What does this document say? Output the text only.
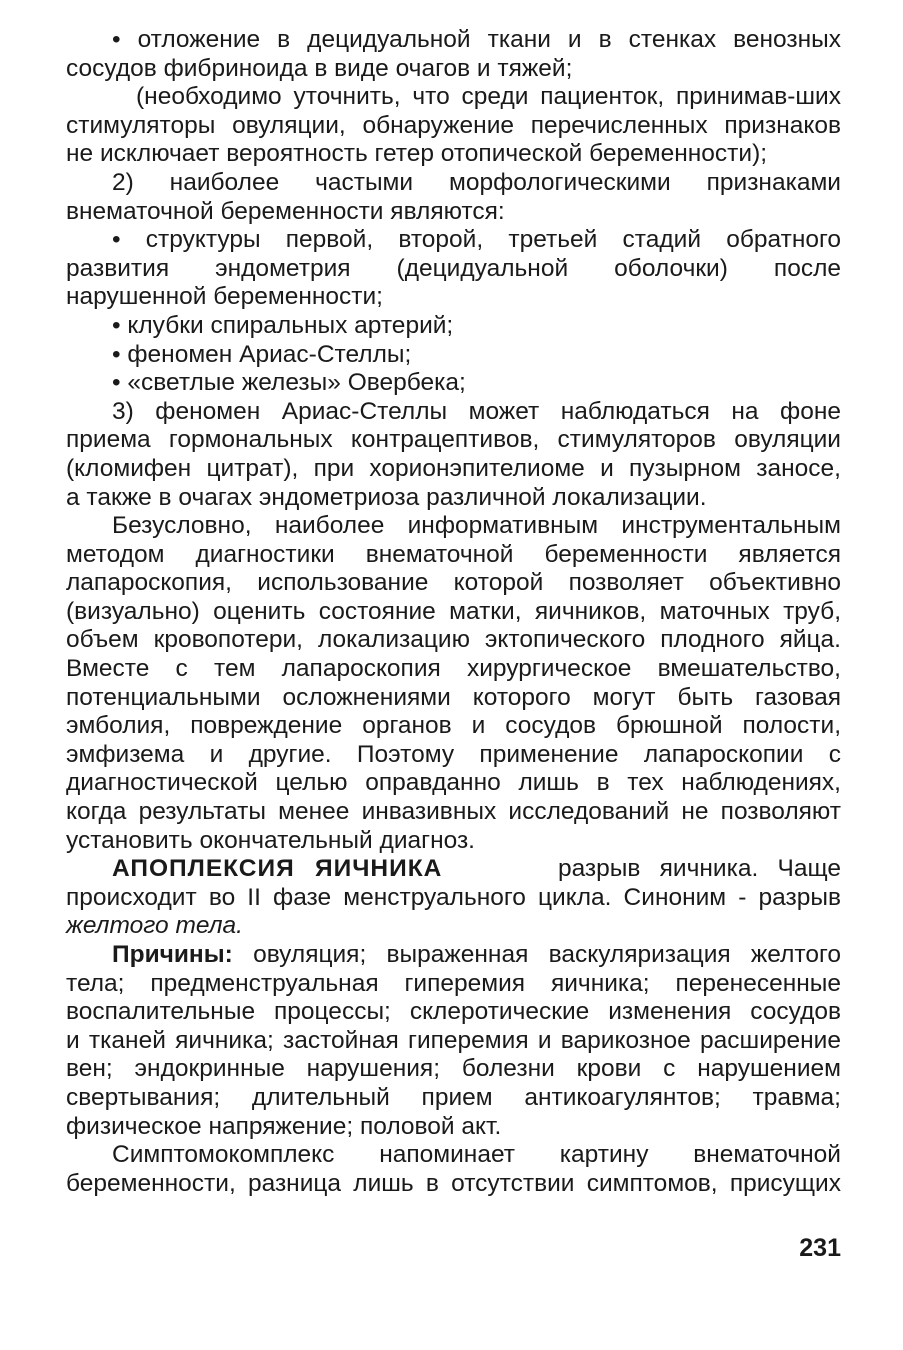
• отложение в децидуальной ткани и в стенках венозных
сосудов фибриноида в виде очагов и тяжей;
(необходимо уточнить, что среди пациенток, принимав-ших
стимуляторы овуляции, обнаружение перечисленных признаков
не исключает вероятность гетер отопической беременности);
2) наиболее частыми морфологическими признаками
внематочной беременности являются:
• структуры первой, второй, третьей стадий обратного
развития эндометрия (децидуальной оболочки) после
нарушенной беременности;
• клубки спиральных артерий;
• феномен Ариас-Стеллы;
• «светлые железы» Овербека;
3) феномен Ариас-Стеллы может наблюдаться на фоне
приема гормональных контрацептивов, стимуляторов овуляции
(кломифен цитрат), при хорионэпителиоме и пузырном заносе,
а также в очагах эндометриоза различной локализации.
Безусловно, наиболее информативным инструментальным
методом диагностики внематочной беременности является
лапароскопия, использование которой позволяет объективно
(визуально) оценить состояние матки, яичников, маточных труб,
объем кровопотери, локализацию эктопического плодного яйца.
Вместе с тем лапароскопия хирургическое вмешательство,
потенциальными осложнениями которого могут быть газовая
эмболия, повреждение органов и сосудов брюшной полости,
эмфизема и другие. Поэтому применение лапароскопии с
диагностической целью оправданно лишь в тех наблюдениях,
когда результаты менее инвазивных исследований не позволяют
установить окончательный диагноз.
АПОПЛЕКСИЯ ЯИЧНИКА	разрыв яичника. Чаще
происходит во II фазе менструального цикла. Синоним - разрыв
желтого тела.
Причины: овуляция; выраженная васкуляризация желтого
тела; предменструальная гиперемия яичника; перенесенные
воспалительные процессы; склеротические изменения сосудов
и тканей яичника; застойная гиперемия и варикозное расширение
вен; эндокринные нарушения; болезни крови с нарушением
свертывания; длительный прием антикоагулянтов; травма;
физическое напряжение; половой акт.
Симптомокомплекс напоминает картину внематочной
беременности, разница лишь в отсутствии симптомов, присущих
231
